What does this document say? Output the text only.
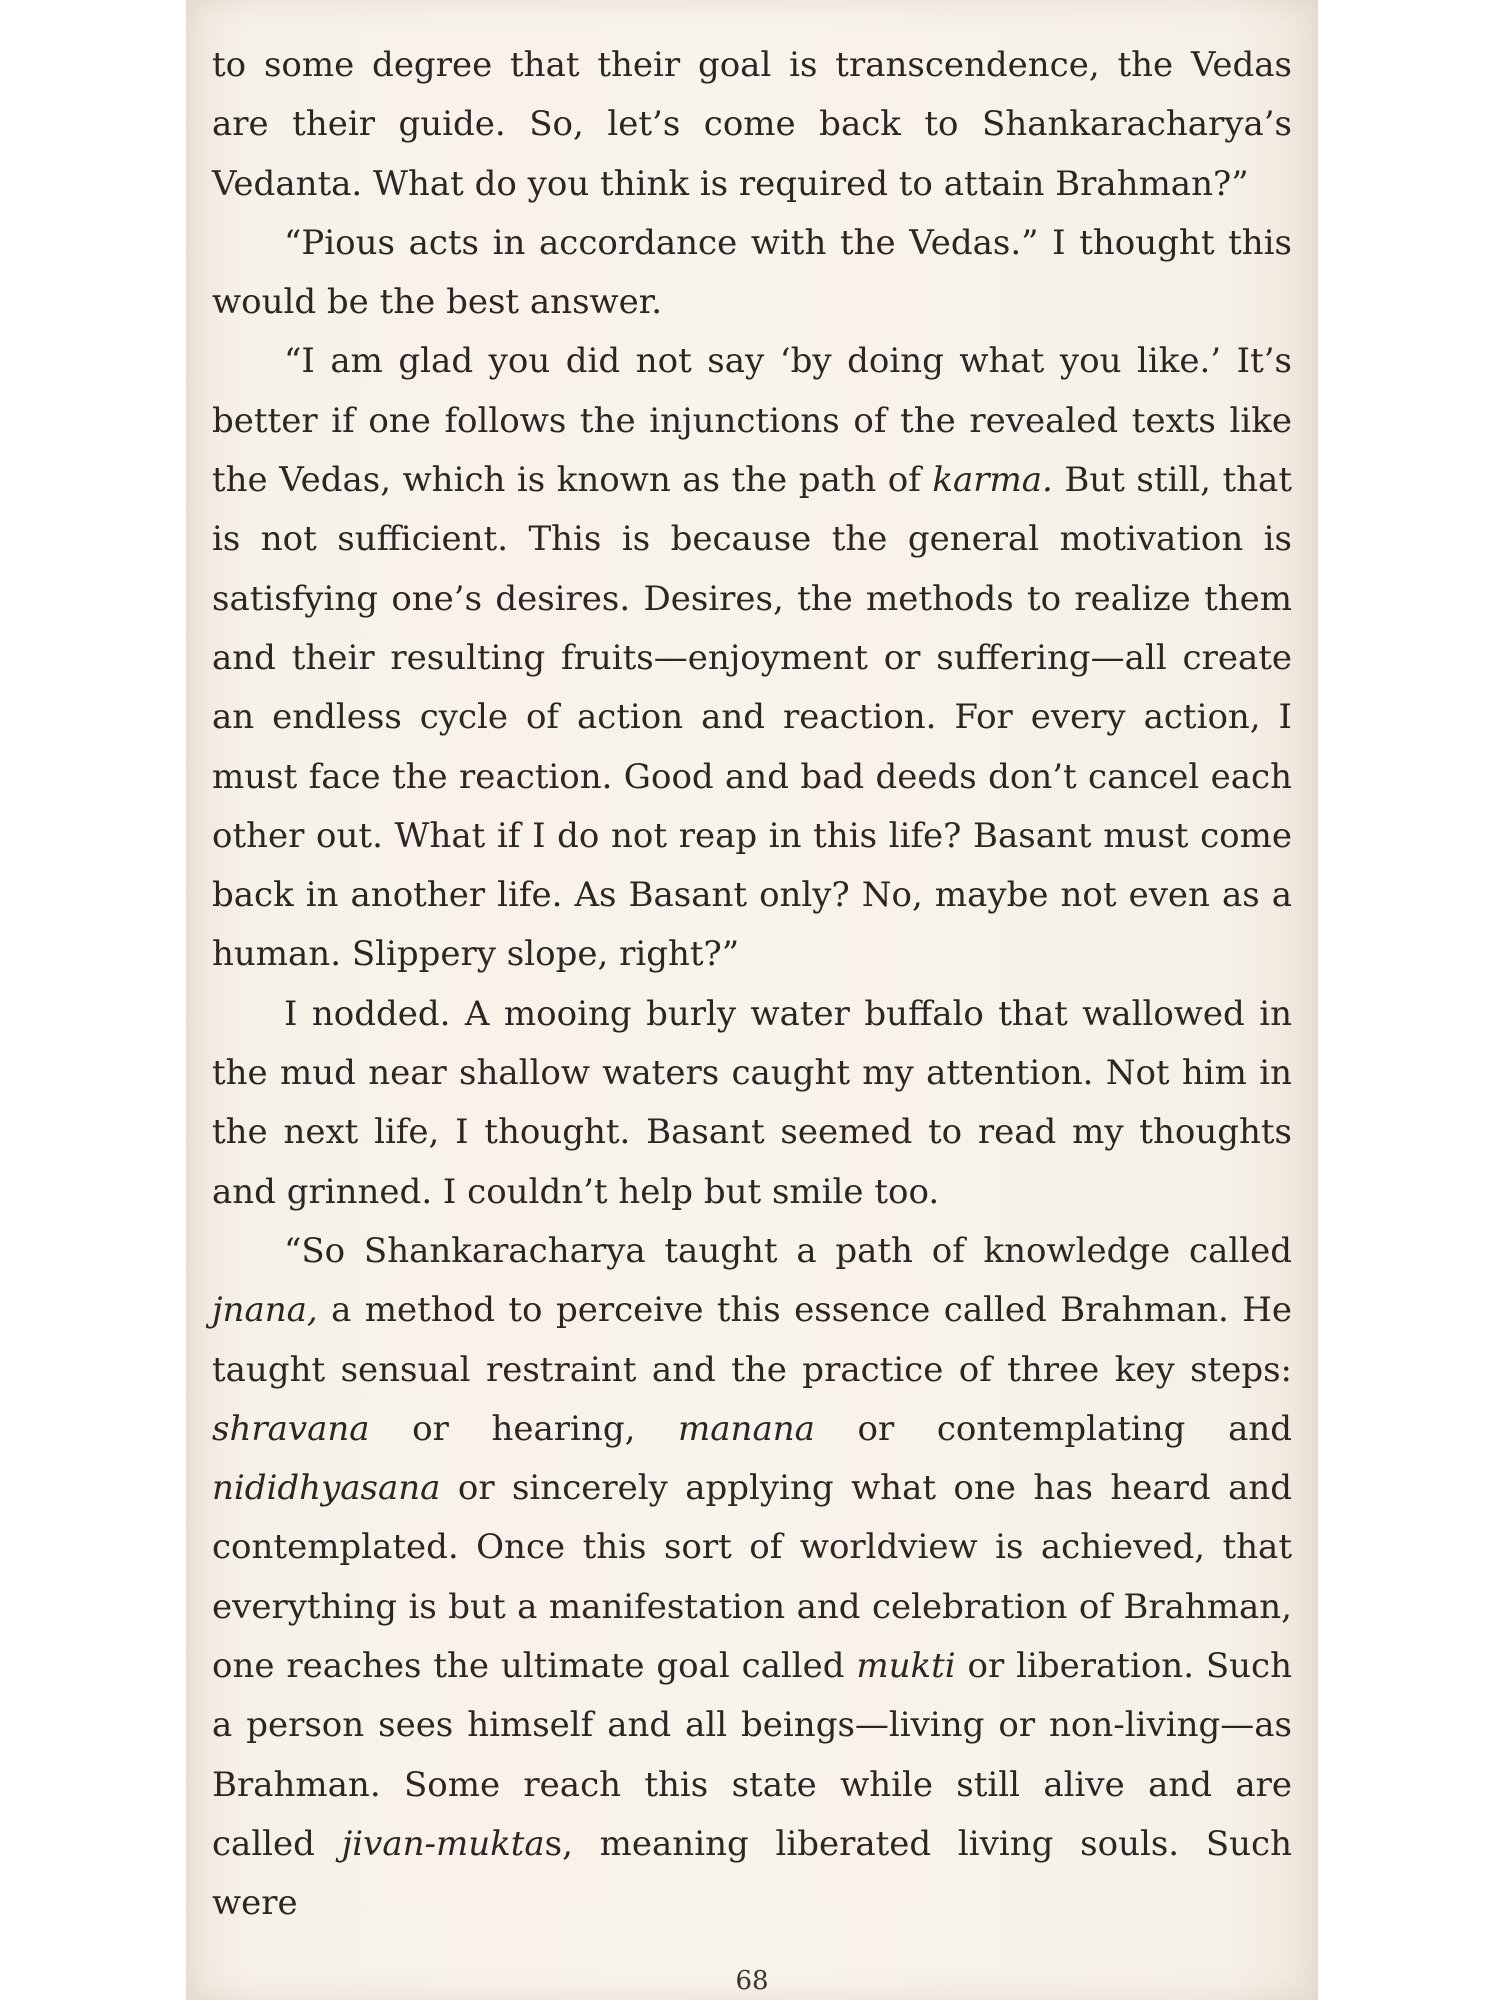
to some degree that their goal is transcendence, the Vedas are their guide. So, let’s come back to Shankaracharya’s Vedanta. What do you think is required to attain Brahman?”

“Pious acts in accordance with the Vedas.” I thought this would be the best answer.

“I am glad you did not say ‘by doing what you like.’ It’s better if one follows the injunctions of the revealed texts like the Vedas, which is known as the path of karma. But still, that is not sufficient. This is because the general motivation is satisfying one’s desires. Desires, the methods to realize them and their resulting fruits—enjoyment or suffering—all create an endless cycle of action and reaction. For every action, I must face the reaction. Good and bad deeds don’t cancel each other out. What if I do not reap in this life? Basant must come back in another life. As Basant only? No, maybe not even as a human. Slippery slope, right?”

I nodded. A mooing burly water buffalo that wallowed in the mud near shallow waters caught my attention. Not him in the next life, I thought. Basant seemed to read my thoughts and grinned. I couldn’t help but smile too.

“So Shankaracharya taught a path of knowledge called jnana, a method to perceive this essence called Brahman. He taught sensual restraint and the practice of three key steps: shravana or hearing, manana or contemplating and nididhyasana or sincerely applying what one has heard and contemplated. Once this sort of worldview is achieved, that everything is but a manifestation and celebration of Brahman, one reaches the ultimate goal called mukti or liberation. Such a person sees himself and all beings—living or non-living—as Brahman. Some reach this state while still alive and are called jivan-muktas, meaning liberated living souls. Such were

68
